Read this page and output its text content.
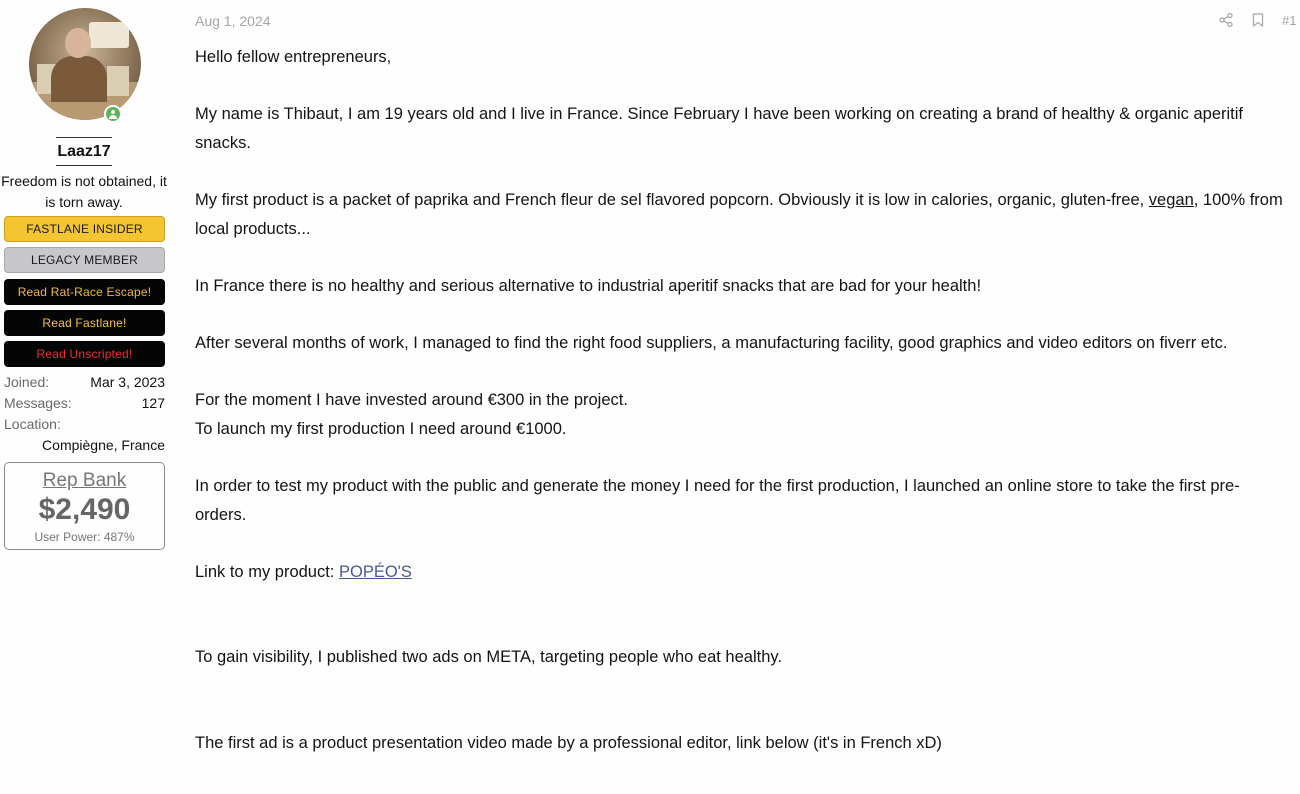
Laaz17
Freedom is not obtained, it is torn away.
FASTLANE INSIDER
LEGACY MEMBER
Read Rat-Race Escape!
Read Fastlane!
Read Unscripted!
Joined:	Mar 3, 2023
Messages:	127
Location:
Compiègne, France
Rep Bank
$2,490
User Power: 487%
Aug 1, 2024	#1

Hello fellow entrepreneurs,

My name is Thibaut, I am 19 years old and I live in France. Since February I have been working on creating a brand of healthy & organic aperitif snacks.

My first product is a packet of paprika and French fleur de sel flavored popcorn. Obviously it is low in calories, organic, gluten-free, vegan, 100% from local products...

In France there is no healthy and serious alternative to industrial aperitif snacks that are bad for your health!

After several months of work, I managed to find the right food suppliers, a manufacturing facility, good graphics and video editors on fiverr etc.

For the moment I have invested around €300 in the project.

To launch my first production I need around €1000.

In order to test my product with the public and generate the money I need for the first production, I launched an online store to take the first pre-orders.

Link to my product: POPÉO'S

To gain visibility, I published two ads on META, targeting people who eat healthy.

The first ad is a product presentation video made by a professional editor, link below (it's in French xD)
